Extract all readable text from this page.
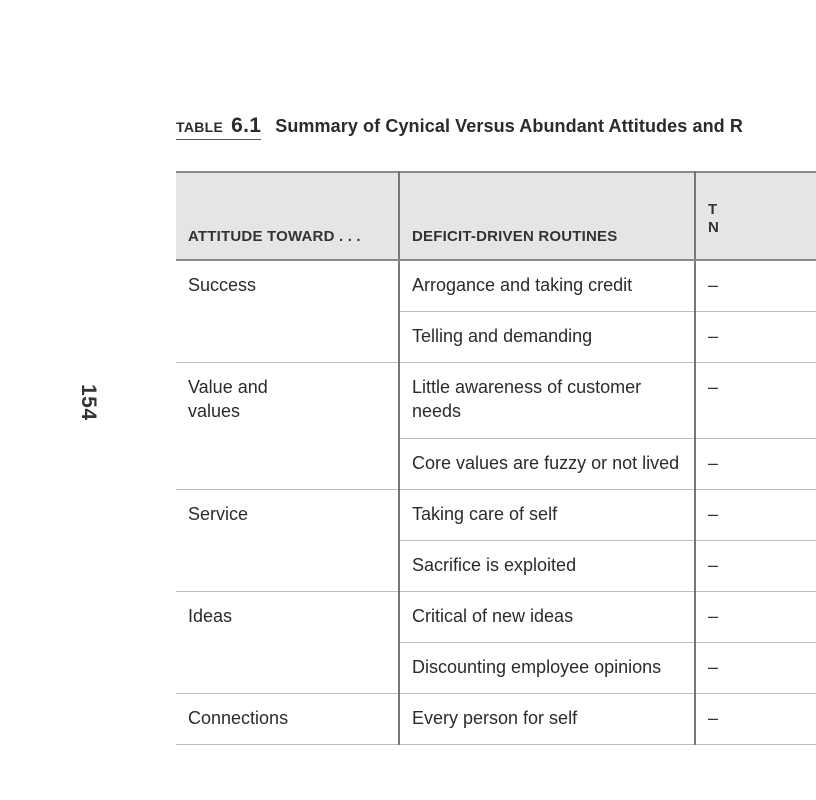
154
TABLE 6.1 Summary of Cynical Versus Abundant Attitudes and R
ATTITUDE TOWARD . . .	DEFICIT-DRIVEN ROUTINES	T
N
Success	Arrogance and taking credit	–
	Telling and demanding	–
Value and values	Little awareness of customer needs	–
	Core values are fuzzy or not lived	–
Service	Taking care of self	–
	Sacrifice is exploited	–
Ideas	Critical of new ideas	–
	Discounting employee opinions	–
Connections	Every person for self	–
